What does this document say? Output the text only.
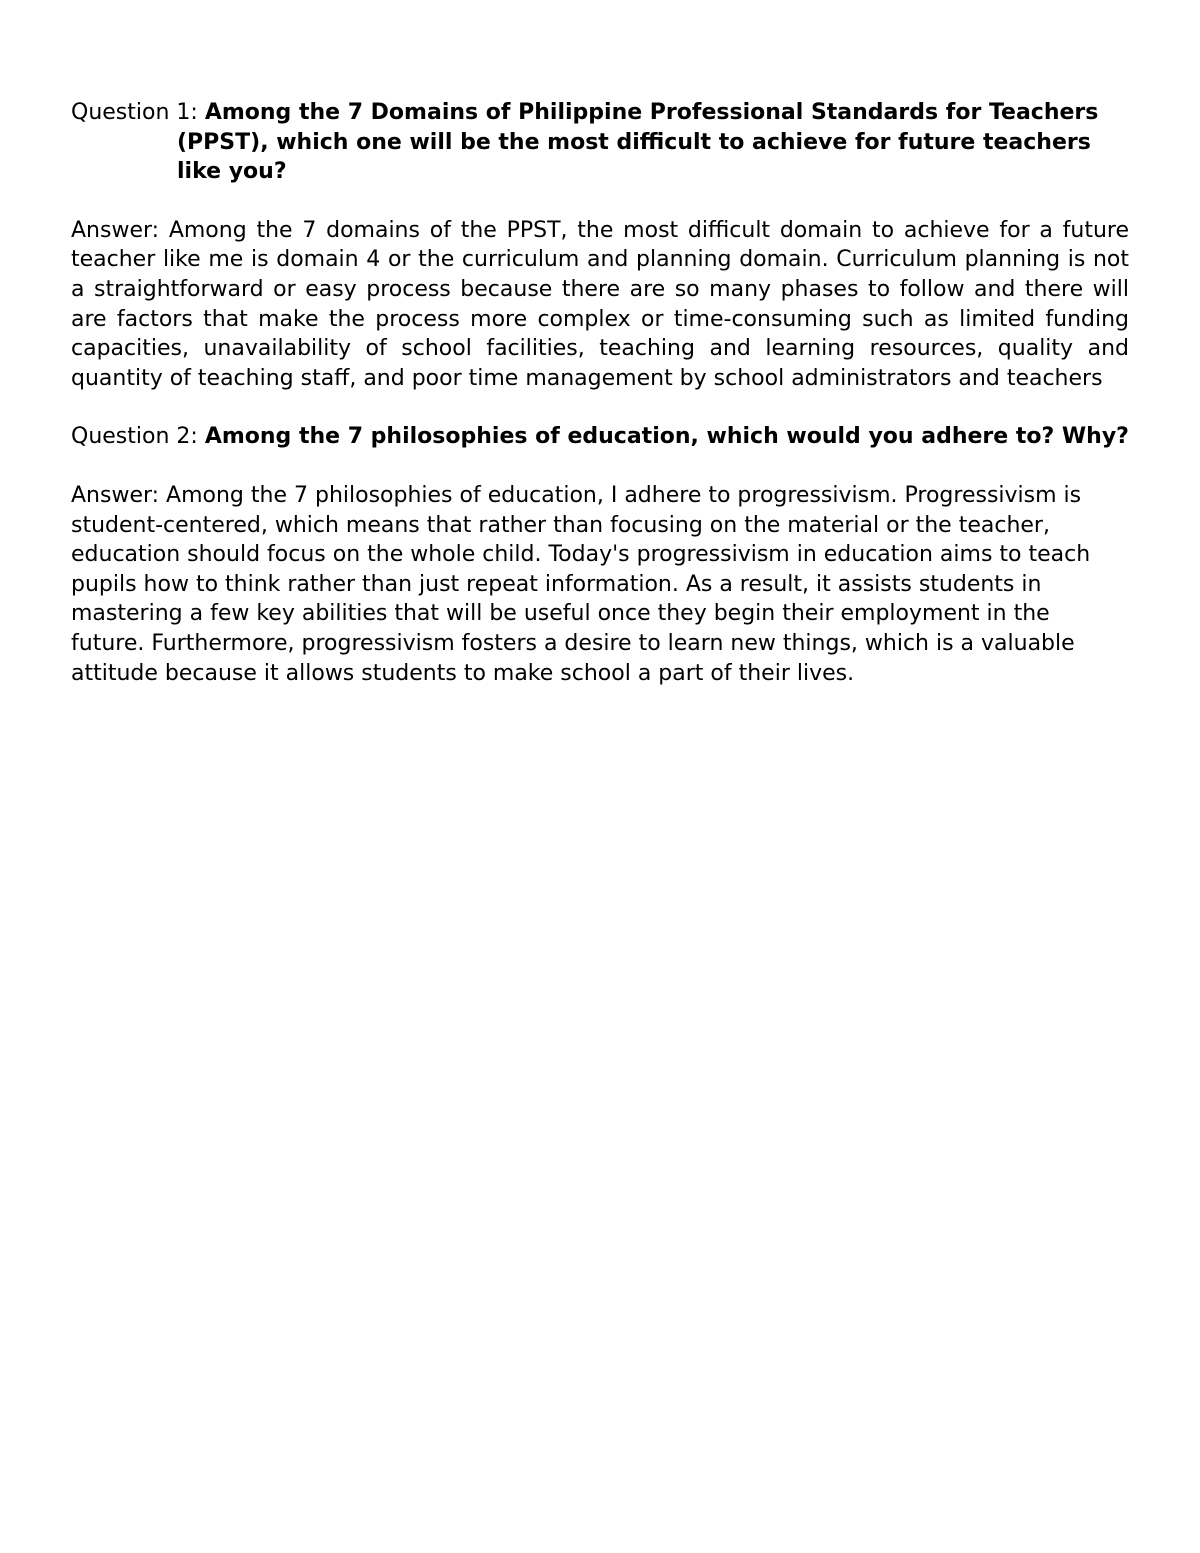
Question 1: Among the 7 Domains of Philippine Professional Standards for Teachers (PPST), which one will be the most difficult to achieve for future teachers like you?

Answer: Among the 7 domains of the PPST, the most difficult domain to achieve for a future teacher like me is domain 4 or the curriculum and planning domain. Curriculum planning is not a straightforward or easy process because there are so many phases to follow and there will are factors that make the process more complex or time-consuming such as limited funding capacities, unavailability of school facilities, teaching and learning resources, quality and quantity of teaching staff, and poor time management by school administrators and teachers

Question 2: Among the 7 philosophies of education, which would you adhere to? Why?

Answer: Among the 7 philosophies of education, I adhere to progressivism. Progressivism is student-centered, which means that rather than focusing on the material or the teacher, education should focus on the whole child. Today's progressivism in education aims to teach pupils how to think rather than just repeat information. As a result, it assists students in mastering a few key abilities that will be useful once they begin their employment in the future. Furthermore, progressivism fosters a desire to learn new things, which is a valuable attitude because it allows students to make school a part of their lives.
